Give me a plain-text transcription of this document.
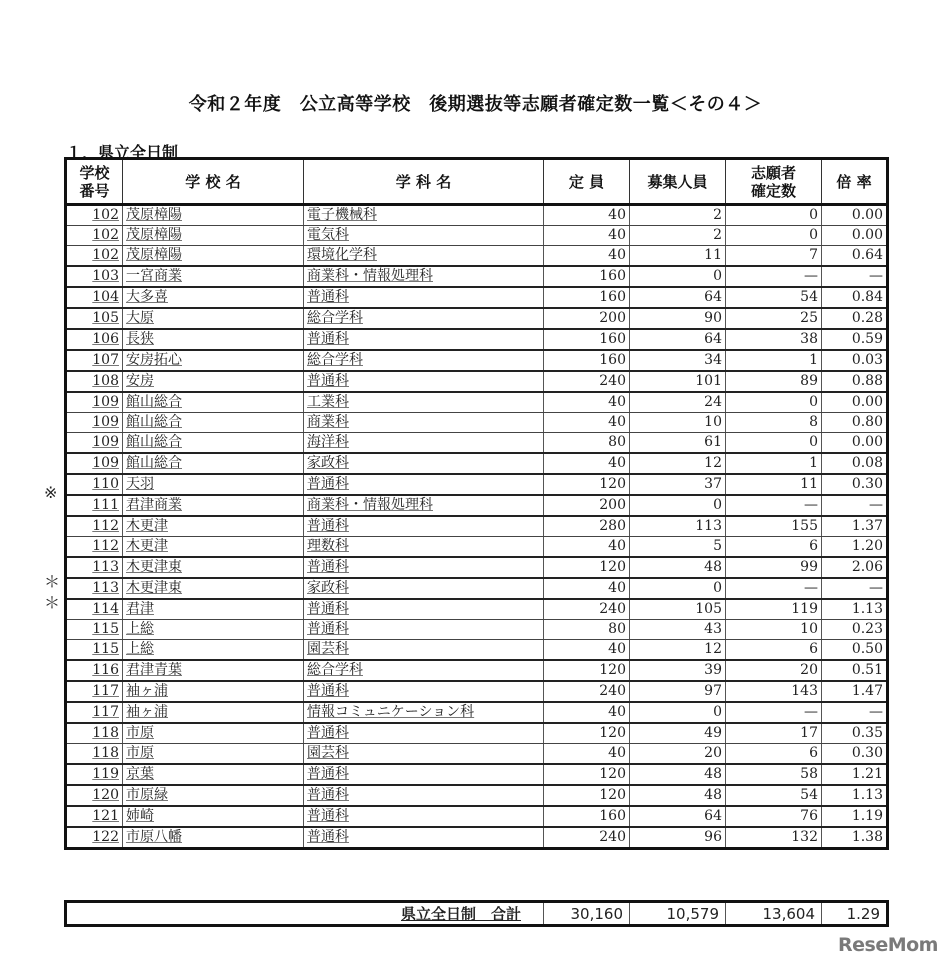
令和２年度　公立高等学校　後期選抜等志願者確定数一覧＜その４＞
１．県立全日制
学校番号	学 校 名	学 科 名	定 員	募集人員	志願者確定数	倍 率
102	茂原樟陽	電子機械科	40	2	0	0.00
102	茂原樟陽	電気科	40	2	0	0.00
102	茂原樟陽	環境化学科	40	11	7	0.64
103	一宮商業	商業科・情報処理科	160	0	—	—
104	大多喜	普通科	160	64	54	0.84
105	大原	総合学科	200	90	25	0.28
106	長狭	普通科	160	64	38	0.59
107	安房拓心	総合学科	160	34	1	0.03
108	安房	普通科	240	101	89	0.88
109	館山総合	工業科	40	24	0	0.00
109	館山総合	商業科	40	10	8	0.80
109	館山総合	海洋科	80	61	0	0.00
109	館山総合	家政科	40	12	1	0.08
110	天羽	普通科	120	37	11	0.30
111	君津商業	商業科・情報処理科	200	0	—	—
112	木更津	普通科	280	113	155	1.37
112	木更津	理数科	40	5	6	1.20
113	木更津東	普通科	120	48	99	2.06
113	木更津東	家政科	40	0	—	—
114	君津	普通科	240	105	119	1.13
115	上総	普通科	80	43	10	0.23
115	上総	園芸科	40	12	6	0.50
116	君津青葉	総合学科	120	39	20	0.51
117	袖ヶ浦	普通科	240	97	143	1.47
117	袖ヶ浦	情報コミュニケーション科	40	0	—	—
118	市原	普通科	120	49	17	0.35
118	市原	園芸科	40	20	6	0.30
119	京葉	普通科	120	48	58	1.21
120	市原緑	普通科	120	48	54	1.13
121	姉崎	普通科	160	64	76	1.19
122	市原八幡	普通科	240	96	132	1.38
※
＊
＊
県立全日制　合計	30,160	10,579	13,604	1.29
ReseMom
